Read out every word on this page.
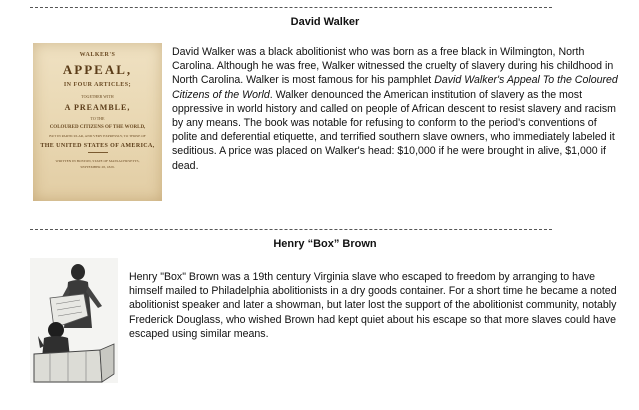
David Walker
WALKER'S
APPEAL,
IN FOUR ARTICLES;
TOGETHER WITH
A PREAMBLE,
TO THE
COLOURED CITIZENS OF THE WORLD,
BUT IN PARTICULAR, AND VERY EXPRESSLY, TO THOSE OF
THE UNITED STATES OF AMERICA,
WRITTEN IN BOSTON, STATE OF MASSACHUSETTS,
SEPTEMBER 28, 1829.
David Walker was a black abolitionist who was born as a free black in Wilmington, North Carolina. Although he was free, Walker witnessed the cruelty of slavery during his childhood in North Carolina. Walker is most famous for his pamphlet David Walker's Appeal To the Coloured Citizens of the World. Walker denounced the American institution of slavery as the most oppressive in world history and called on people of African descent to resist slavery and racism by any means. The book was notable for refusing to conform to the period's conventions of polite and deferential etiquette, and terrified southern slave owners, who immediately labeled it seditious. A price was placed on Walker's head: $10,000 if he were brought in alive, $1,000 if dead.
Henry “Box” Brown
Henry "Box" Brown was a 19th century Virginia slave who escaped to freedom by arranging to have himself mailed to Philadelphia abolitionists in a dry goods container. For a short time he became a noted abolitionist speaker and later a showman, but later lost the support of the abolitionist community, notably Frederick Douglass, who wished Brown had kept quiet about his escape so that more slaves could have escaped using similar means.
